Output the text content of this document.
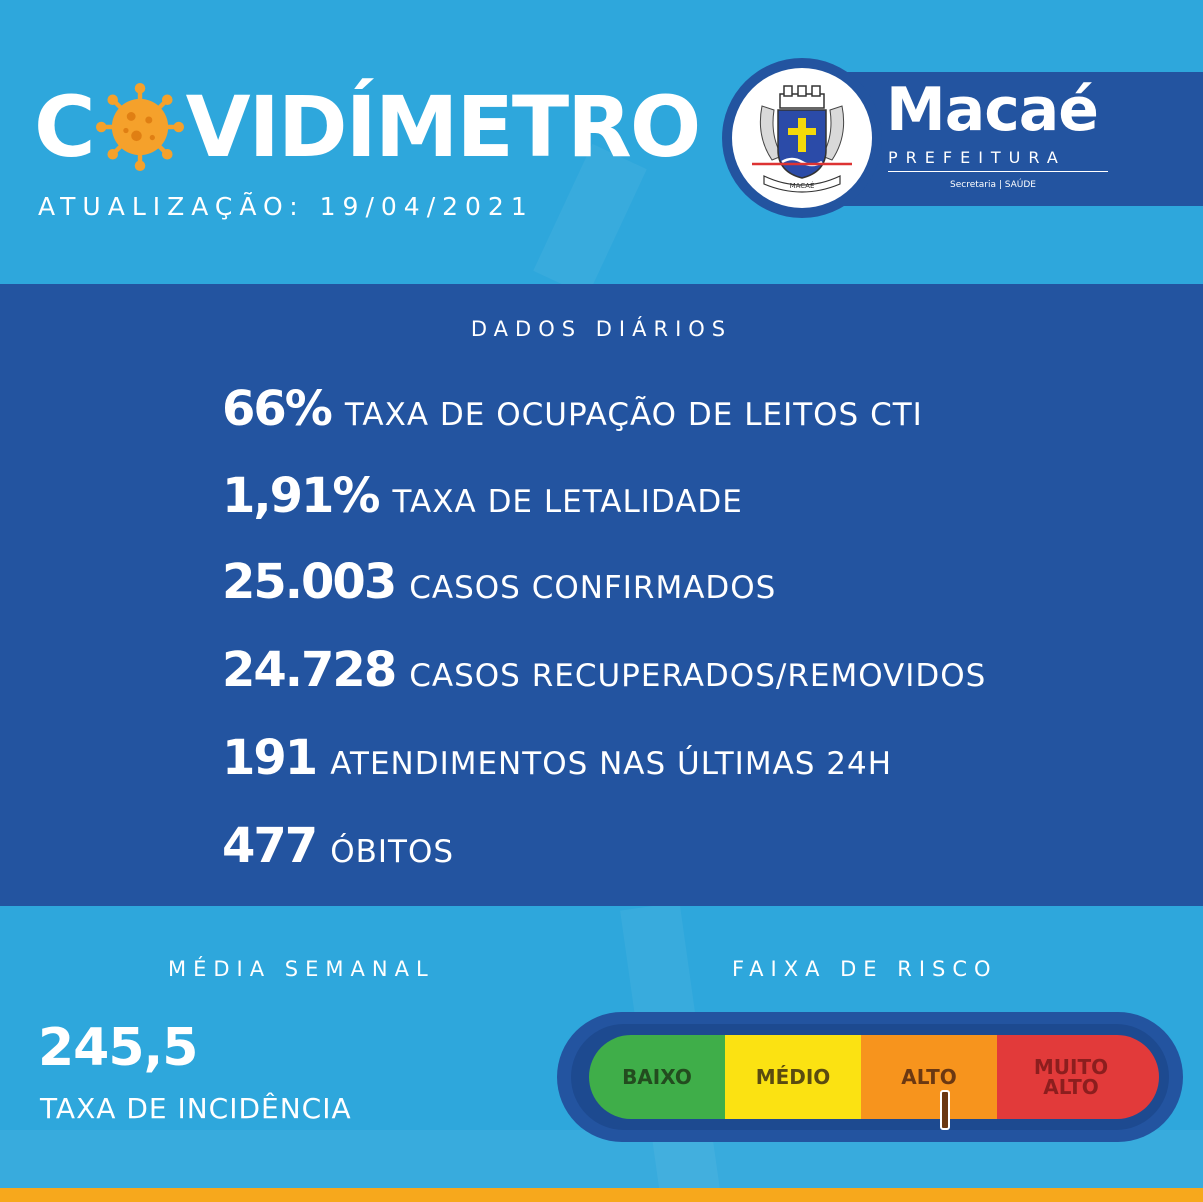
C VIDÍMETRO
ATUALIZAÇÃO: 19/04/2021
MACAÉ
Macaé
PREFEITURA
Secretaria | SAÚDE
DADOS DIÁRIOS
66% TAXA DE OCUPAÇÃO DE LEITOS CTI
1,91% TAXA DE LETALIDADE
25.003 CASOS CONFIRMADOS
24.728 CASOS RECUPERADOS/REMOVIDOS
191 ATENDIMENTOS NAS ÚLTIMAS 24H
477 ÓBITOS
MÉDIA SEMANAL
245,5
TAXA DE INCIDÊNCIA
FAIXA DE RISCO
BAIXO	MÉDIO	ALTO	MUITO ALTO
